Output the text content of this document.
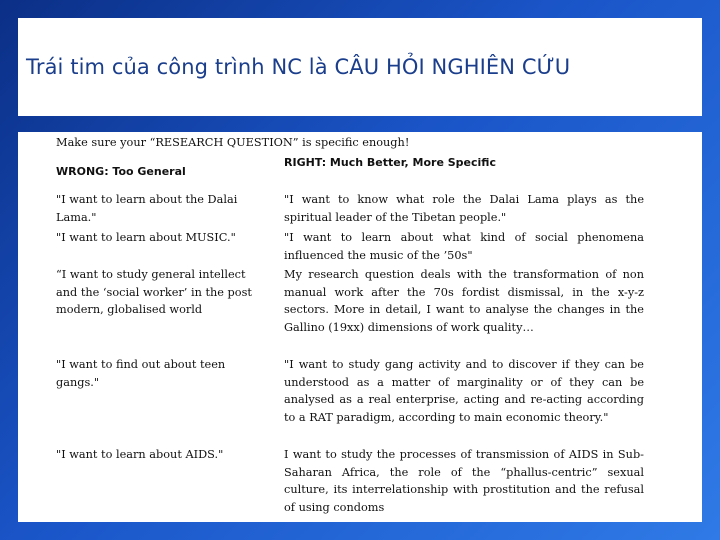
Trái tim của công trình NC là CÂU HỎI NGHIÊN CỨU
Make sure your “RESEARCH QUESTION” is specific enough!
WRONG: Too General
RIGHT: Much Better, More Specific
"I want to learn about the Dalai Lama."
"I want to know what role the Dalai Lama plays as the spiritual leader of the Tibetan people."
"I want to learn about MUSIC."	"I want to learn about what kind of social phenomena influenced the music of the ’50s"
“I want to study general intellect and the ‘social worker’ in the post modern, globalised world
My research question deals with the transformation of non manual work after the 70s fordist dismissal, in the x-y-z sectors. More in detail, I want to analyse the changes in the Gallino (19xx) dimensions of work quality…
"I want to find out about teen gangs."
"I want to study gang activity and to discover if they can be understood as a matter of marginality or of they can be analysed as a real enterprise, acting and re-acting according to a RAT paradigm, according to main economic theory."
"I want to learn about AIDS."	I want to study the processes of transmission of AIDS in Sub-Saharan Africa, the role of the “phallus-centric” sexual culture, its interrelationship with prostitution and the refusal of using condoms
